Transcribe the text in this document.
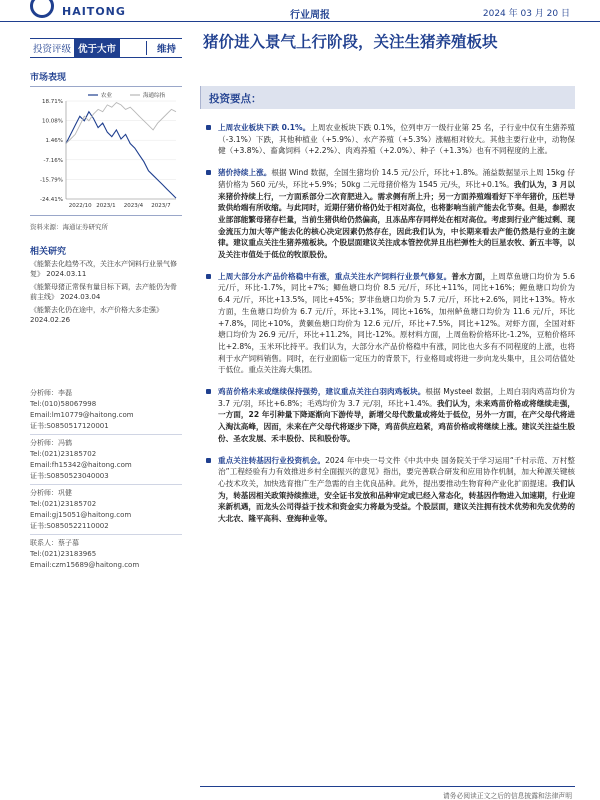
HAITONG	行业周报	2024 年 03 月 20 日
投资评级 优于大市	维持
市场表现
18.71%
10.08%
1.46%
-7.16%
-15.79%
-24.41%
2022/10 2023/1 2023/4 2023/7
农业	海通综指
资料来源：海通证券研究所
相关研究
《能繁去化趋势不改，关注水产饲料行业景气修复》 2024.03.11
《能繁母猪正常保有量目标下调，去产能仍为骨前主线》 2024.03.04
《能繁去化仍在途中，水产价格大多走强》 2024.02.26
分析师：李磊
Tel:(010)58067998
Email:lm10779@haitong.com
证书:S0850517120001
分析师：冯鹤
Tel:(021)23185702
Email:fh15342@haitong.com
证书:S0850523040003
分析师：巩健
Tel:(021)23185702
Email:gj15051@haitong.com
证书:S0850522110002
联系人：蔡子慕
Tel:(021)23183965
Email:czm15689@haitong.com
猪价进入景气上行阶段，关注生猪养殖板块
投资要点：
上周农业板块下跌 0.1%。上周农业板块下跌 0.1%，位列申万一级行业第 25 名，子行业中仅有生猪养殖（-3.1%）下跌，其他种植业（+5.9%）、水产养殖（+5.3%）涨幅相对较大。其他主要行业中，动物保健（+3.8%）、畜禽饲料（+2.2%）、肉鸡养殖（+2.0%）、种子（+1.3%）也有不同程度的上涨。
猪价持续上涨。根据 Wind 数据，全国生猪均价 14.5 元/公斤，环比+1.8%。涌益数据显示上周 15kg 仔猪价格为 560 元/头，环比+5.9%；50kg 二元母猪价格为 1545 元/头，环比+0.1%。我们认为，3 月以来猪价持续上行，一方面系部分二次育肥进入。需求侧有所上升；另一方面养殖端看好下半年猪价，压栏导致供给端有所收缩。与此同时，近期仔猪价格仍处于相对高位，也将影响当前产能去化节奏。但是，参照农业部部能繁母猪存栏量，当前生猪供给仍然偏高，且冻品库存同样处在相对高位。考虑到行业产能过剩、现金流压力加大等产能去化的核心决定因素仍然存在，因此我们认为，中长期来看去产能仍然是行业的主旋律。建议重点关注生猪养殖板块。个股层面建议关注成本管控优异且出栏弹性大的巨星农牧、新五丰等，以及关注市值处于低位的牧原股份。
上周大部分水产品价格稳中有涨，重点关注水产饲料行业景气修复。普水方面，上周草鱼塘口均价为 5.6 元/斤，环比-1.7%，同比+7%；鲫鱼塘口均价 8.5 元/斤，环比+11%，同比+16%；鲤鱼塘口均价为 6.4 元/斤，环比+13.5%，同比+45%；罗非鱼塘口均价为 5.7 元/斤，环比+2.6%，同比+13%。特水方面，生鱼塘口均价为 6.7 元/斤，环比+3.1%，同比+16%，加州鲈鱼塘口均价为 11.6 元/斤，环比+7.8%，同比+10%，黄颡鱼塘口均价为 12.6 元/斤，环比+7.5%，同比+12%。对虾方面，全国对虾塘口均价为 26.9 元/斤，环比+11.2%，同比-12%。原材料方面，上周鱼粉价格环比-1.2%，豆粕价格环比+2.8%，玉米环比持平。我们认为，大部分水产品价格稳中有涨，同比也大多有不同程度的上涨，也将利于水产饲料销售。同时，在行业面临一定压力的背景下，行业格局或将进一步向龙头集中，且公司估值处于低位。重点关注海大集团。
鸡苗价格未来或继续保持强势，建议重点关注白羽肉鸡板块。根据 Mysteel 数据，上周白羽肉鸡苗均价为 3.7 元/羽，环比+6.8%；毛鸡均价为 3.7 元/羽，环比+1.4%。我们认为，未来鸡苗价格或将继续走强，一方面，22 年引种量下降逐渐向下游传导，新增父母代数量或将处于低位，另外一方面，在产父母代将进入淘汰高峰，因而，未来在产父母代将逐步下降，鸡苗供应趋紧，鸡苗价格或将继续上涨。建议关注益生股份、圣农发展、禾丰股份、民和股份等。
重点关注转基因行业投资机会。2024 年中央一号文件《中共中央 国务院关于学习运用“千村示范、万村整治”工程经验有力有效推进乡村全面振兴的意见》指出，要完善联合研发和应用协作机制，加大种源关键核心技术攻关，加快选育推广生产急需的自主优良品种。此外，提出要推动生物育种产业化扩面提速。我们认为，转基因相关政策持续推进，安全证书发放和品种审定或已经入常态化，转基因作物进入加速期，行业迎来新机遇，而龙头公司得益于技术和资金实力将最为受益。个股层面，建议关注拥有技术优势和先发优势的大北农、隆平高科、登海种业等。
请务必阅读正文之后的信息披露和法律声明
